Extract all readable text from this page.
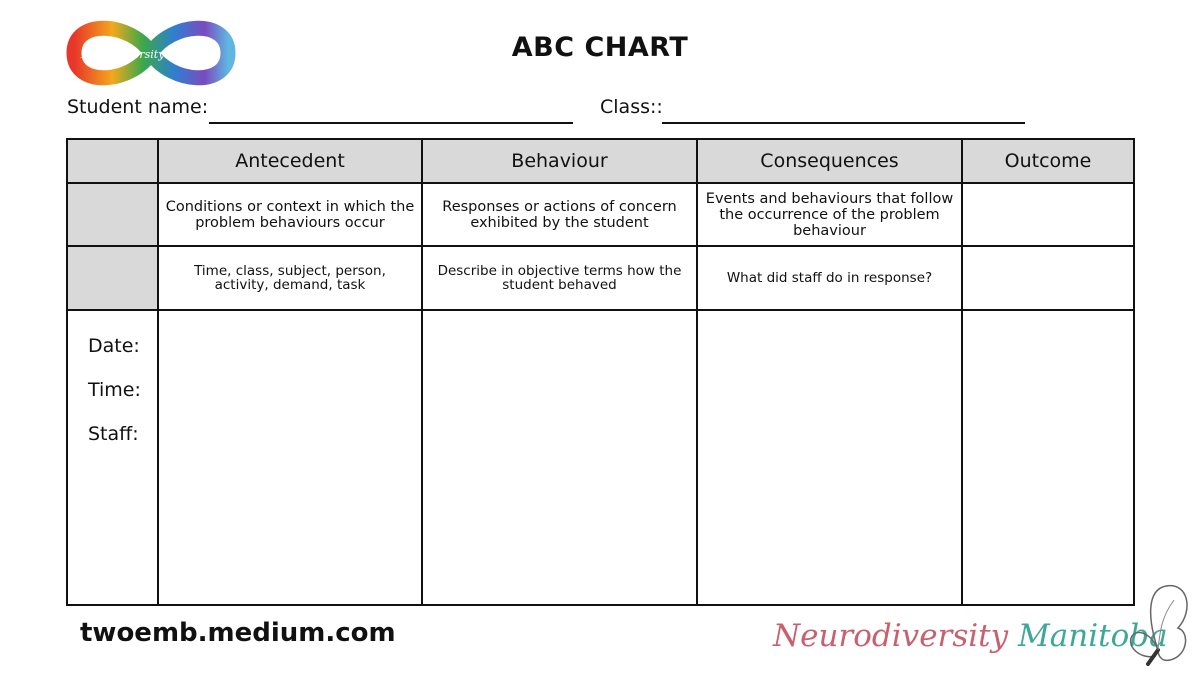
Neurodiversity Manitoba	ABC CHART
Student name:	Class::
	Antecedent	Behaviour	Consequences	Outcome
	Conditions or context in which the problem behaviours occur	Responses or actions of concern exhibited by the student	Events and behaviours that follow the occurrence of the problem behaviour	
	Time, class, subject, person, activity, demand, task	Describe in objective terms how the student behaved	What did staff do in response?	

Date:
Time:
Staff:				

twoemb.medium.com	Neurodiversity Manitoba
